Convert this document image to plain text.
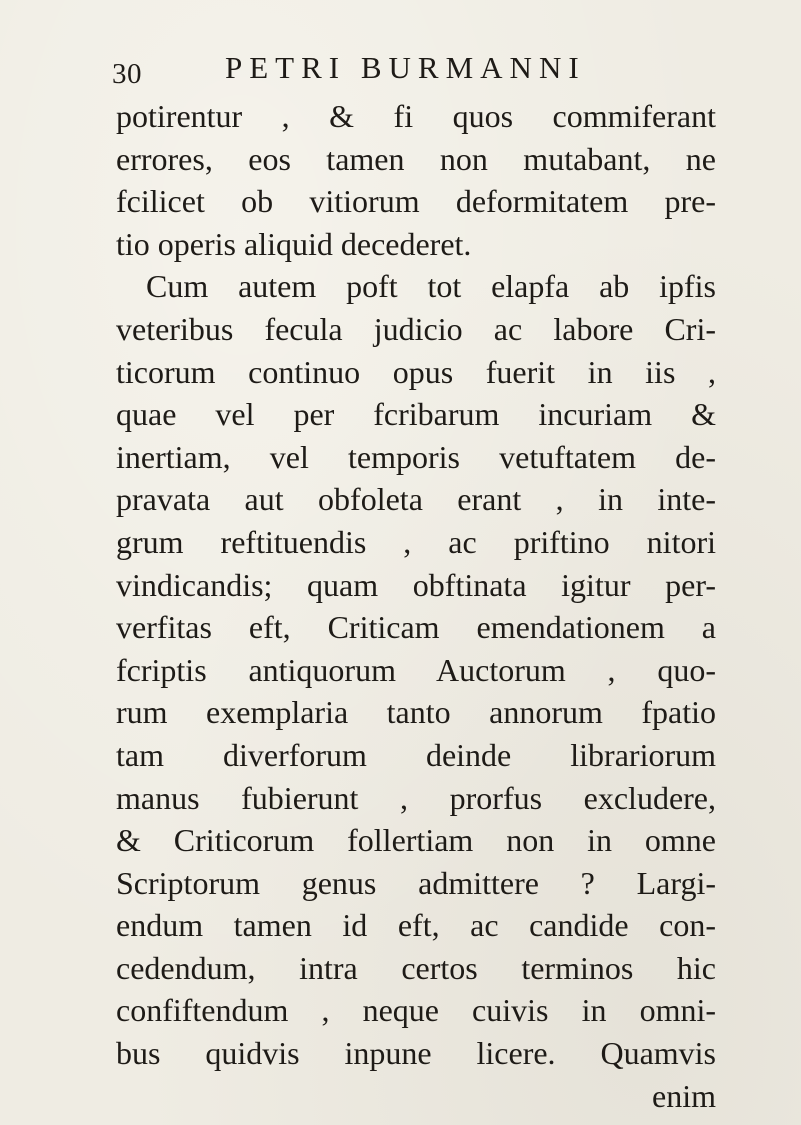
30	PETRI BURMANNI
potirentur , & fi quos commiferant
errores, eos tamen non mutabant, ne
fcilicet ob vitiorum deformitatem pre-
tio operis aliquid decederet.
Cum autem poft tot elapfa ab ipfis
veteribus fecula judicio ac labore Cri-
ticorum continuo opus fuerit in iis ,
quae vel per fcribarum incuriam &
inertiam, vel temporis vetuftatem de-
pravata aut obfoleta erant , in inte-
grum reftituendis , ac priftino nitori
vindicandis; quam obftinata igitur per-
verfitas eft, Criticam emendationem a
fcriptis antiquorum Auctorum , quo-
rum exemplaria tanto annorum fpatio
tam diverforum deinde librariorum
manus fubierunt , prorfus excludere,
& Criticorum follertiam non in omne
Scriptorum genus admittere ? Largi-
endum tamen id eft, ac candide con-
cedendum, intra certos terminos hic
confiftendum , neque cuivis in omni-
bus quidvis inpune licere. Quamvis
enim
